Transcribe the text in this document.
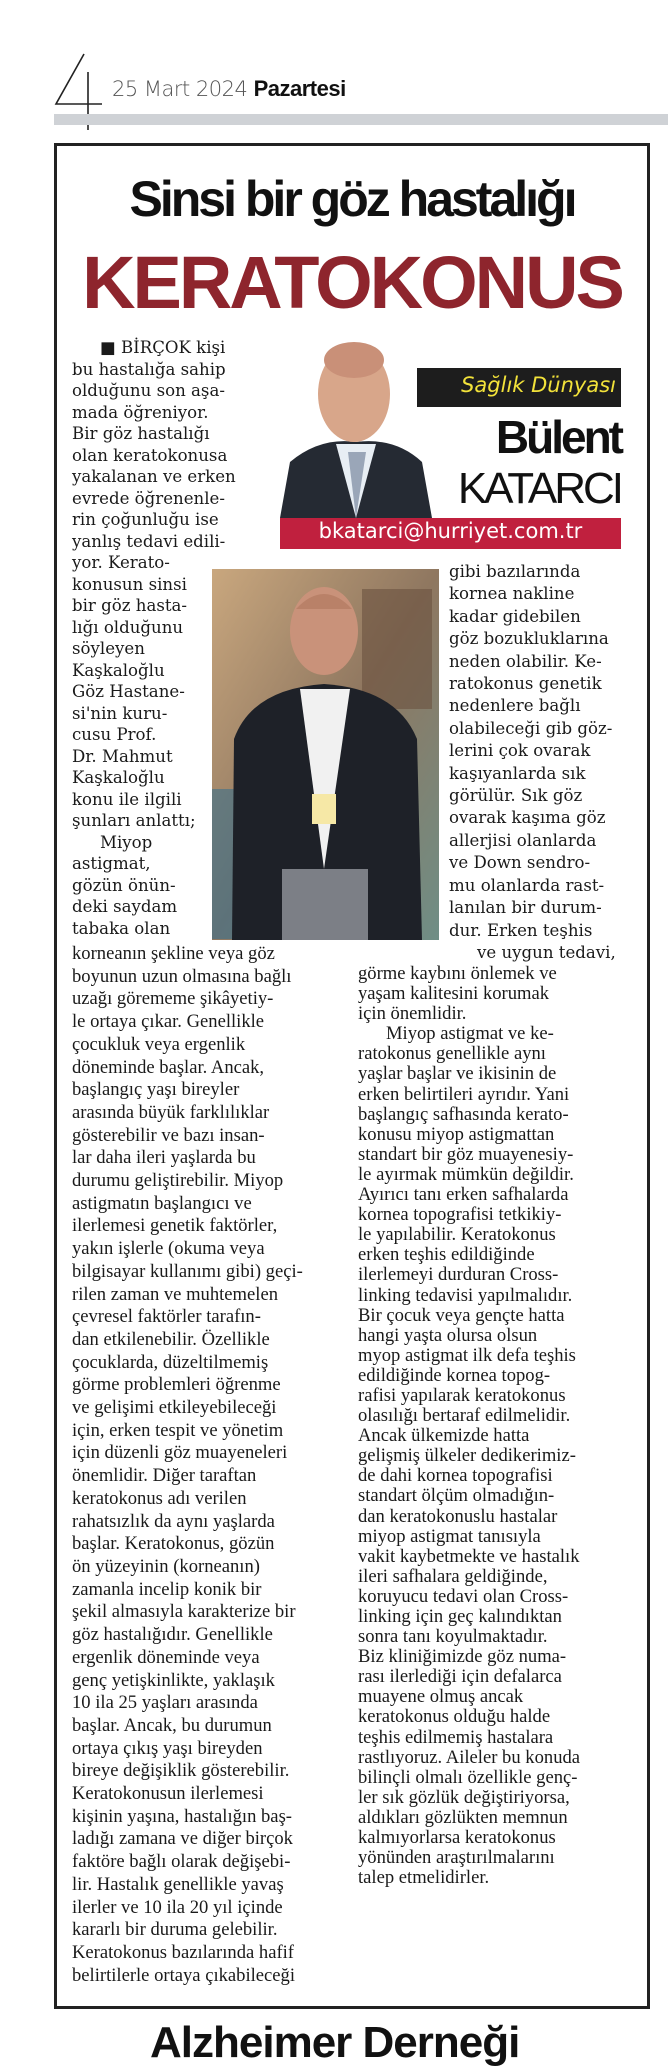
25 Mart 2024 Pazartesi
Sinsi bir göz hastalığı
KERATOKONUS
Sağlık Dünyası
Bülent
KATARCI
bkatarci@hurriyet.com.tr
■ BİRÇOK kişi
bu hastalığa sahip
olduğunu son aşa-
mada öğreniyor.
Bir göz hastalığı
olan keratokonusa
yakalanan ve erken
evrede öğrenenle-
rin çoğunluğu ise
yanlış tedavi edili-
yor. Kerato-
konusun sinsi
bir göz hasta-
lığı olduğunu
söyleyen
Kaşkaloğlu
Göz Hastane-
si'nin kuru-
cusu Prof.
Dr. Mahmut
Kaşkaloğlu
konu ile ilgili
şunları anlattı;
Miyop
astigmat,
gözün önün-
deki saydam
tabaka olan
korneanın şekline veya göz
boyunun uzun olmasına bağlı
uzağı görememe şikâyetiy-
le ortaya çıkar. Genellikle
çocukluk veya ergenlik
döneminde başlar. Ancak,
başlangıç yaşı bireyler
arasında büyük farklılıklar
gösterebilir ve bazı insan-
lar daha ileri yaşlarda bu
durumu geliştirebilir. Miyop
astigmatın başlangıcı ve
ilerlemesi genetik faktörler,
yakın işlerle (okuma veya
bilgisayar kullanımı gibi) geçi-
rilen zaman ve muhtemelen
çevresel faktörler tarafın-
dan etkilenebilir. Özellikle
çocuklarda, düzeltilmemiş
görme problemleri öğrenme
ve gelişimi etkileyebileceği
için, erken tespit ve yönetim
için düzenli göz muayeneleri
önemlidir. Diğer taraftan
keratokonus adı verilen
rahatsızlık da aynı yaşlarda
başlar. Keratokonus, gözün
ön yüzeyinin (korneanın)
zamanla incelip konik bir
şekil almasıyla karakterize bir
göz hastalığıdır. Genellikle
ergenlik döneminde veya
genç yetişkinlikte, yaklaşık
10 ila 25 yaşları arasında
başlar. Ancak, bu durumun
ortaya çıkış yaşı bireyden
bireye değişiklik gösterebilir.
Keratokonusun ilerlemesi
kişinin yaşına, hastalığın baş-
ladığı zamana ve diğer birçok
faktöre bağlı olarak değişebi-
lir. Hastalık genellikle yavaş
ilerler ve 10 ila 20 yıl içinde
kararlı bir duruma gelebilir.
Keratokonus bazılarında hafif
belirtilerle ortaya çıkabileceği
gibi bazılarında
kornea nakline
kadar gidebilen
göz bozukluklarına
neden olabilir. Ke-
ratokonus genetik
nedenlere bağlı
olabileceği gib göz-
lerini çok ovarak
kaşıyanlarda sık
görülür. Sık göz
ovarak kaşıma göz
allerjisi olanlarda
ve Down sendro-
mu olanlarda rast-
lanılan bir durum-
dur. Erken teşhis
ve uygun tedavi,
görme kaybını önlemek ve
yaşam kalitesini korumak
için önemlidir.
Miyop astigmat ve ke-
ratokonus genellikle aynı
yaşlar başlar ve ikisinin de
erken belirtileri ayrıdır. Yani
başlangıç safhasında kerato-
konusu miyop astigmattan
standart bir göz muayenesiy-
le ayırmak mümkün değildir.
Ayırıcı tanı erken safhalarda
kornea topografisi tetkikiy-
le yapılabilir. Keratokonus
erken teşhis edildiğinde
ilerlemeyi durduran Cross-
linking tedavisi yapılmalıdır.
Bir çocuk veya gençte hatta
hangi yaşta olursa olsun
myop astigmat ilk defa teşhis
edildiğinde kornea topog-
rafisi yapılarak keratokonus
olasılığı bertaraf edilmelidir.
Ancak ülkemizde hatta
gelişmiş ülkeler dedikerimiz-
de dahi kornea topografisi
standart ölçüm olmadığın-
dan keratokonuslu hastalar
miyop astigmat tanısıyla
vakit kaybetmekte ve hastalık
ileri safhalara geldiğinde,
koruyucu tedavi olan Cross-
linking için geç kalındıktan
sonra tanı koyulmaktadır.
Biz kliniğimizde göz numa-
rası ilerlediği için defalarca
muayene olmuş ancak
keratokonus olduğu halde
teşhis edilmemiş hastalara
rastlıyoruz. Aileler bu konuda
bilinçli olmalı özellikle genç-
ler sık gözlük değiştiriyorsa,
aldıkları gözlükten memnun
kalmıyorlarsa keratokonus
yönünden araştırılmalarını
talep etmelidirler.
Alzheimer Derneği
